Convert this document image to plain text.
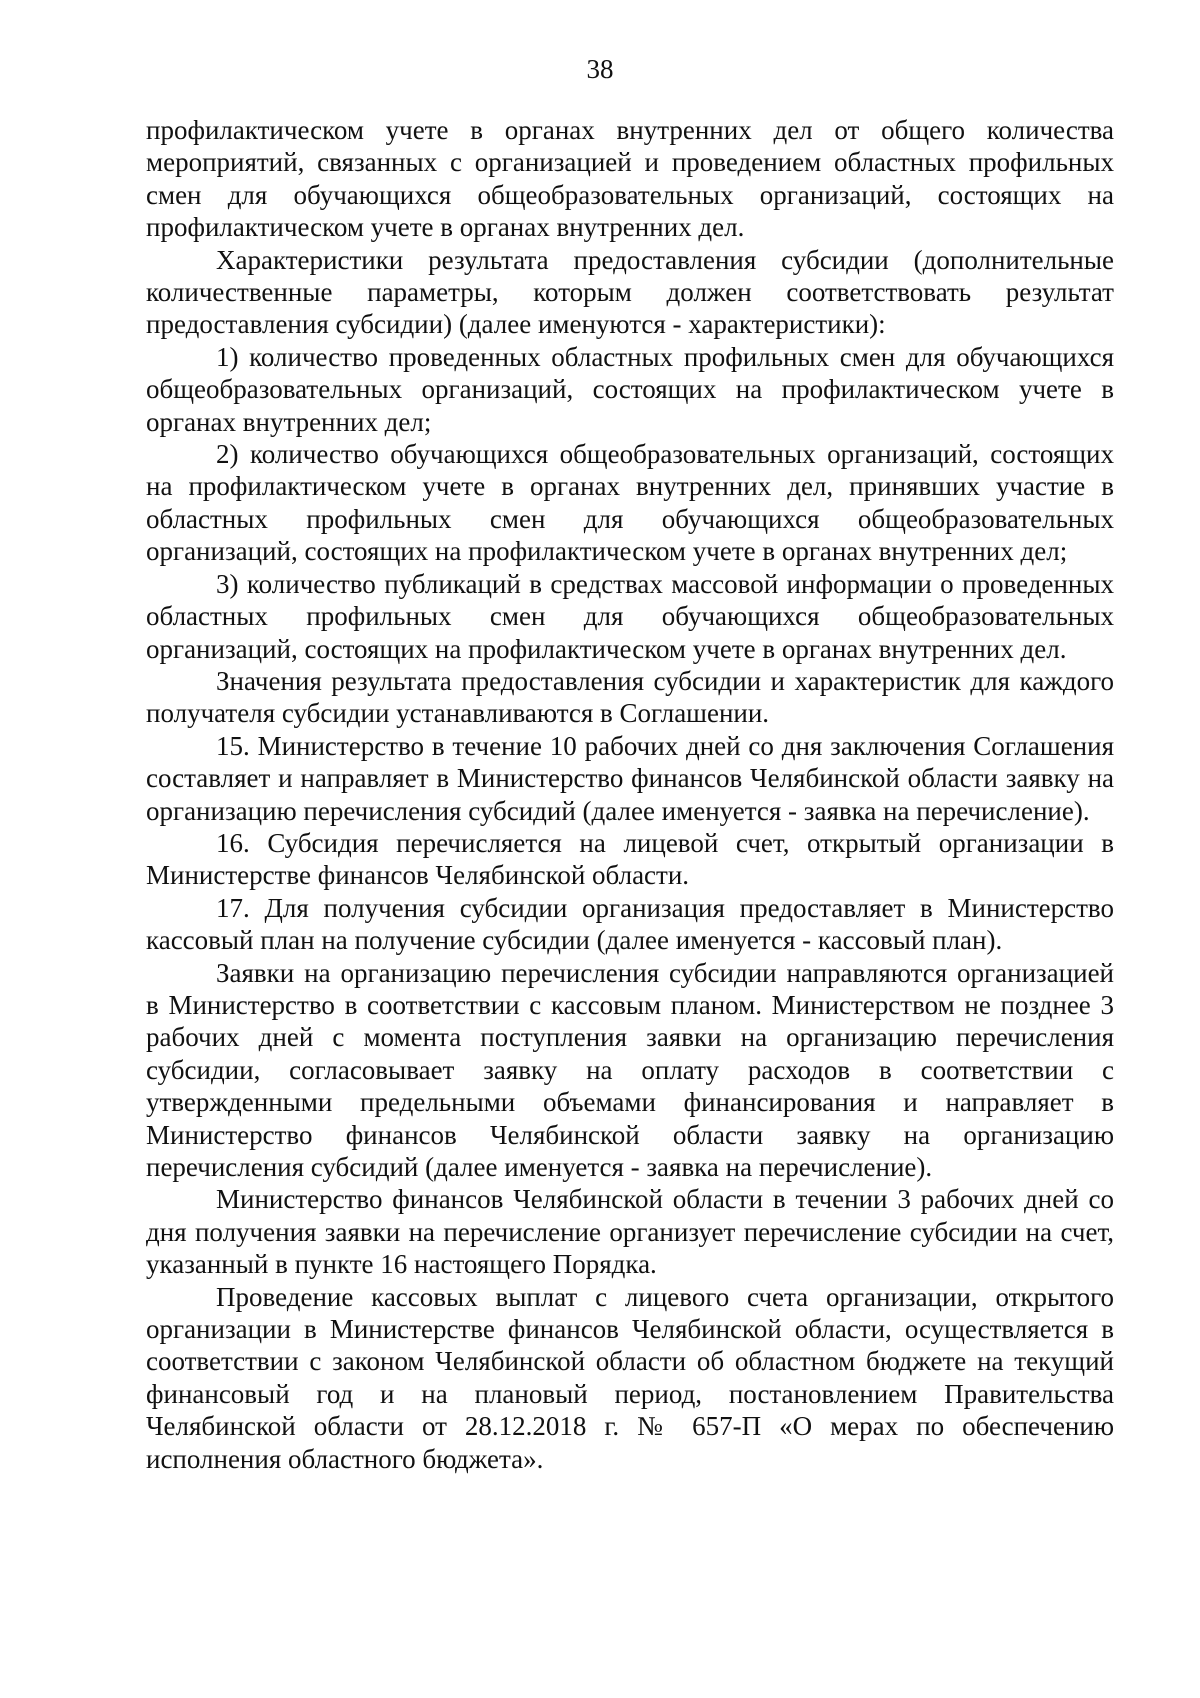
38

профилактическом учете в органах внутренних дел от общего количества мероприятий, связанных с организацией и проведением областных профильных смен для обучающихся общеобразовательных организаций, состоящих на профилактическом учете в органах внутренних дел.

Характеристики результата предоставления субсидии (дополнительные количественные параметры, которым должен соответствовать результат предоставления субсидии) (далее именуются - характеристики):

1) количество проведенных областных профильных смен для обучающихся общеобразовательных организаций, состоящих на профилактическом учете в органах внутренних дел;

2) количество обучающихся общеобразовательных организаций, состоящих на профилактическом учете в органах внутренних дел, принявших участие в областных профильных смен для обучающихся общеобразовательных организаций, состоящих на профилактическом учете в органах внутренних дел;

3) количество публикаций в средствах массовой информации о проведенных областных профильных смен для обучающихся общеобразовательных организаций, состоящих на профилактическом учете в органах внутренних дел.

Значения результата предоставления субсидии и характеристик для каждого получателя субсидии устанавливаются в Соглашении.

15. Министерство в течение 10 рабочих дней со дня заключения Соглашения составляет и направляет в Министерство финансов Челябинской области заявку на организацию перечисления субсидий (далее именуется - заявка на перечисление).

16. Субсидия перечисляется на лицевой счет, открытый организации в Министерстве финансов Челябинской области.

17. Для получения субсидии организация предоставляет в Министерство кассовый план на получение субсидии (далее именуется - кассовый план).

Заявки на организацию перечисления субсидии направляются организацией в Министерство в соответствии с кассовым планом. Министерством не позднее 3 рабочих дней с момента поступления заявки на организацию перечисления субсидии, согласовывает заявку на оплату расходов в соответствии с утвержденными предельными объемами финансирования и направляет в Министерство финансов Челябинской области заявку на организацию перечисления субсидий (далее именуется - заявка на перечисление).

Министерство финансов Челябинской области в течении 3 рабочих дней со дня получения заявки на перечисление организует перечисление субсидии на счет, указанный в пункте 16 настоящего Порядка.

Проведение кассовых выплат с лицевого счета организации, открытого организации в Министерстве финансов Челябинской области, осуществляется в соответствии с законом Челябинской области об областном бюджете на текущий финансовый год и на плановый период, постановлением Правительства Челябинской области от 28.12.2018 г. № 657-П «О мерах по обеспечению исполнения областного бюджета».
